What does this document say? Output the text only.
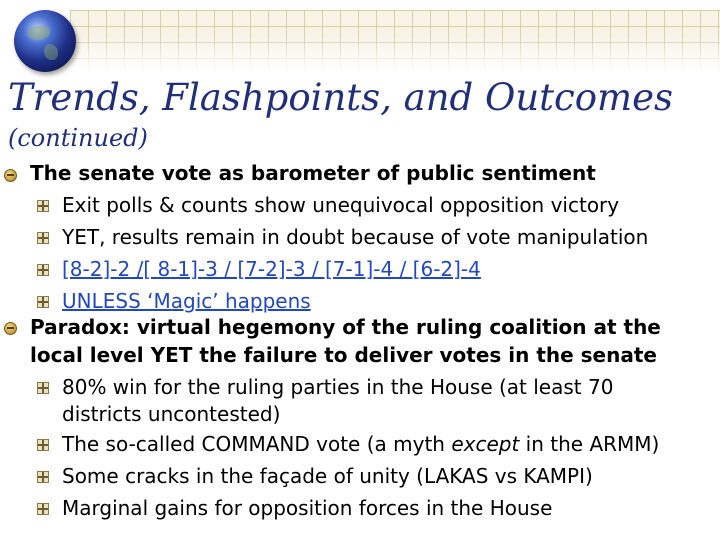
Trends, Flashpoints, and Outcomes
(continued)
The senate vote as barometer of public sentiment
Exit polls & counts show unequivocal opposition victory
YET, results remain in doubt because of vote manipulation
[8-2]-2 /[ 8-1]-3 / [7-2]-3 / [7-1]-4 / [6-2]-4
UNLESS ‘Magic’ happens
Paradox: virtual hegemony of the ruling coalition at the
local level YET the failure to deliver votes in the senate
80% win for the ruling parties in the House (at least 70
districts uncontested)
The so-called COMMAND vote (a myth except in the ARMM)
Some cracks in the façade of unity (LAKAS vs KAMPI)
Marginal gains for opposition forces in the House
